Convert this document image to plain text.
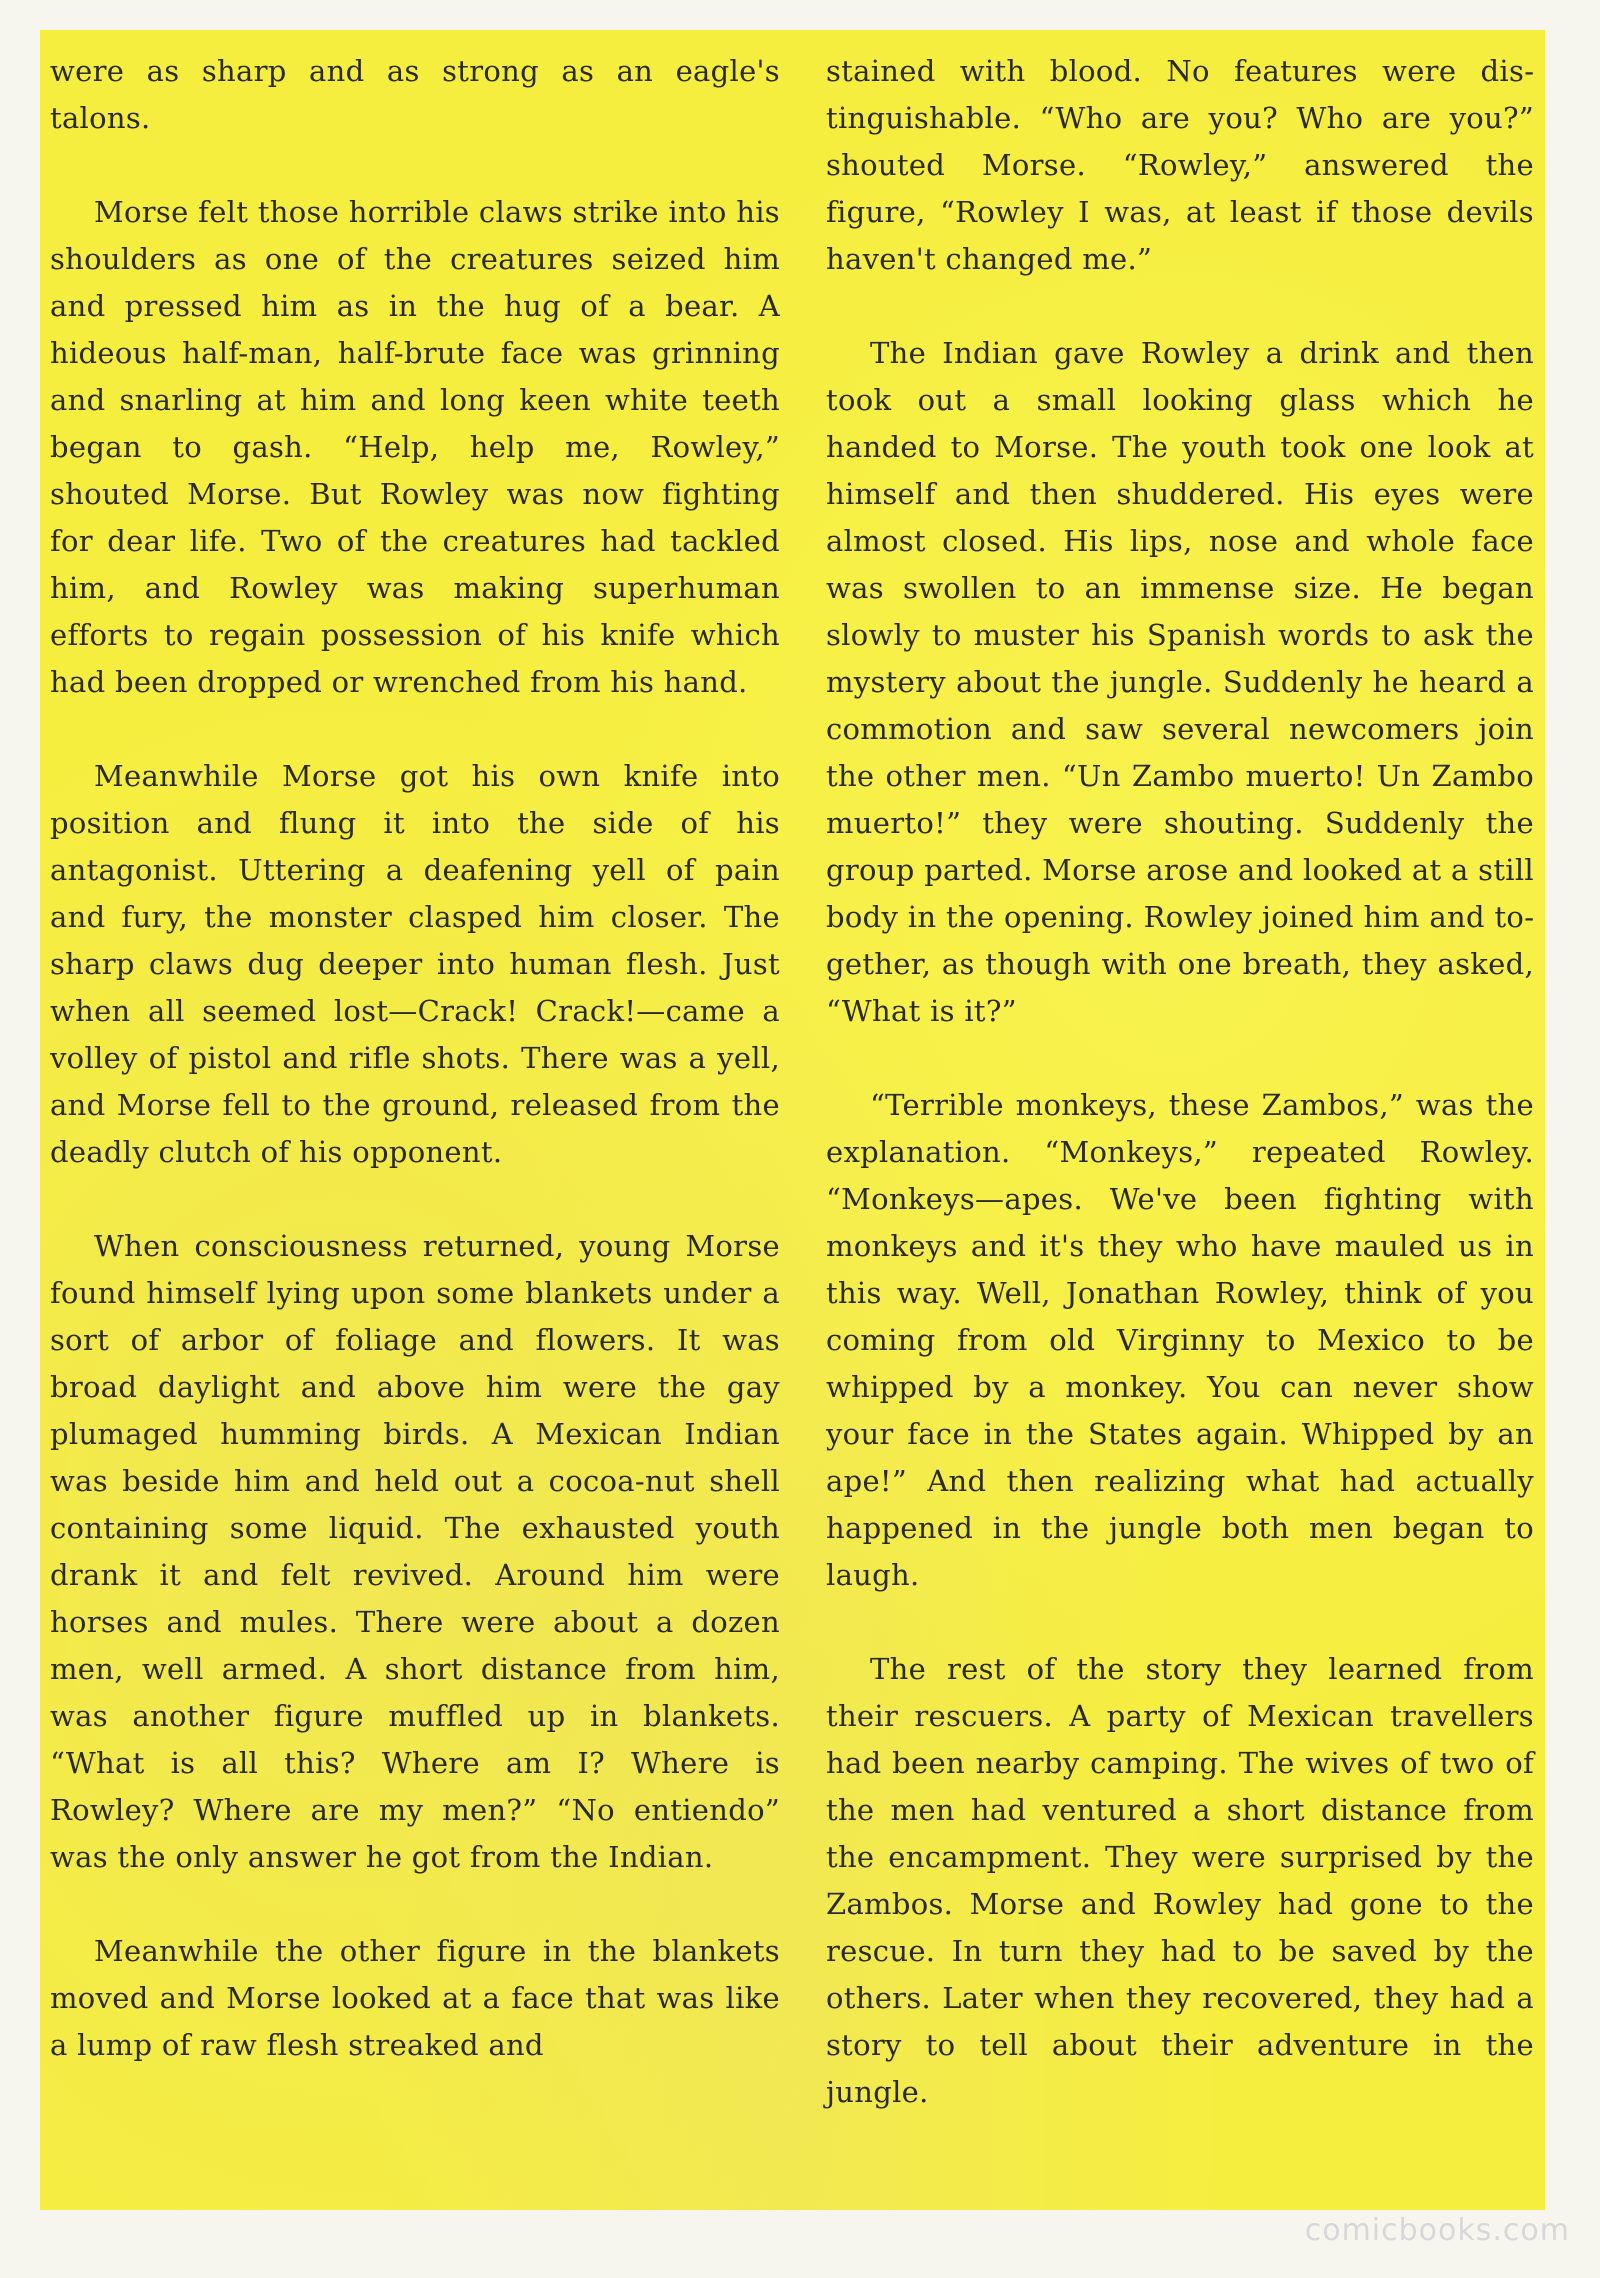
were as sharp and as strong as an eagle's talons.

Morse felt those horrible claws strike into his shoulders as one of the creatures seized him and pressed him as in the hug of a bear. A hideous half-man, half-brute face was grinning and snarling at him and long keen white teeth began to gash. “Help, help me, Rowley,” shouted Morse. But Rowley was now fighting for dear life. Two of the creatures had tackled him, and Rowley was making superhuman efforts to regain possession of his knife which had been dropped or wrenched from his hand.

Meanwhile Morse got his own knife into position and flung it into the side of his antagonist. Uttering a deafening yell of pain and fury, the monster clasped him closer. The sharp claws dug deeper into human flesh. Just when all seemed lost—Crack! Crack!—came a volley of pistol and rifle shots. There was a yell, and Morse fell to the ground, released from the deadly clutch of his opponent.

When consciousness returned, young Morse found himself lying upon some blankets under a sort of arbor of foliage and flowers. It was broad daylight and above him were the gay plumaged humming birds. A Mexican Indian was beside him and held out a cocoa-nut shell containing some liquid. The exhausted youth drank it and felt revived. Around him were horses and mules. There were about a dozen men, well armed. A short distance from him, was another figure muffled up in blankets. “What is all this? Where am I? Where is Rowley? Where are my men?” “No entiendo” was the only answer he got from the Indian.

Meanwhile the other figure in the blankets moved and Morse looked at a face that was like a lump of raw flesh streaked and

stained with blood. No features were distinguishable. “Who are you? Who are you?” shouted Morse. “Rowley,” answered the figure, “Rowley I was, at least if those devils haven't changed me.”

The Indian gave Rowley a drink and then took out a small looking glass which he handed to Morse. The youth took one look at himself and then shuddered. His eyes were almost closed. His lips, nose and whole face was swollen to an immense size. He began slowly to muster his Spanish words to ask the mystery about the jungle. Suddenly he heard a commotion and saw several newcomers join the other men. “Un Zambo muerto! Un Zambo muerto!” they were shouting. Suddenly the group parted. Morse arose and looked at a still body in the opening. Rowley joined him and together, as though with one breath, they asked, “What is it?”

“Terrible monkeys, these Zambos,” was the explanation. “Monkeys,” repeated Rowley. “Monkeys—apes. We've been fighting with monkeys and it's they who have mauled us in this way. Well, Jonathan Rowley, think of you coming from old Virginny to Mexico to be whipped by a monkey. You can never show your face in the States again. Whipped by an ape!” And then realizing what had actually happened in the jungle both men began to laugh.

The rest of the story they learned from their rescuers. A party of Mexican travellers had been nearby camping. The wives of two of the men had ventured a short distance from the encampment. They were surprised by the Zambos. Morse and Rowley had gone to the rescue. In turn they had to be saved by the others. Later when they recovered, they had a story to tell about their adventure in the jungle.

comicbooks.com
